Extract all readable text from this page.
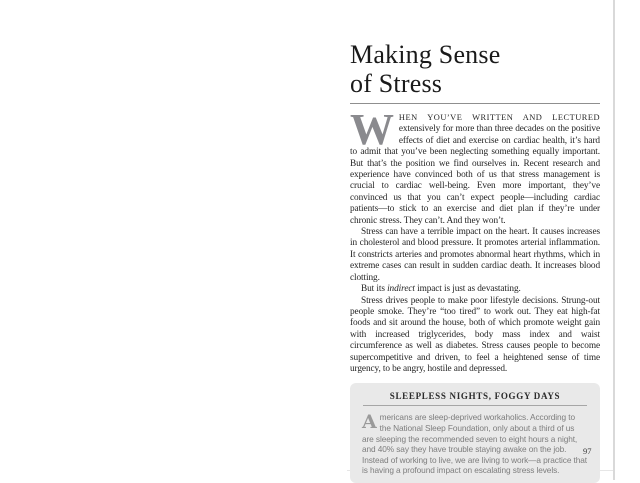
Making Sense
of Stress

WHEN YOU’VE WRITTEN AND LECTURED extensively for more than three decades on the positive effects of diet and exercise on cardiac health, it’s hard to admit that you’ve been neglecting something equally important. But that’s the position we find ourselves in. Recent research and experience have convinced both of us that stress management is crucial to cardiac well-being. Even more important, they’ve convinced us that you can’t expect people—including cardiac patients—to stick to an exercise and diet plan if they’re under chronic stress. They can’t. And they won’t.

Stress can have a terrible impact on the heart. It causes increases in cholesterol and blood pressure. It promotes arterial inflammation. It constricts arteries and promotes abnormal heart rhythms, which in extreme cases can result in sudden cardiac death. It increases blood clotting.

But its indirect impact is just as devastating.

Stress drives people to make poor lifestyle decisions. Strung-out people smoke. They’re “too tired” to work out. They eat high-fat foods and sit around the house, both of which promote weight gain with increased triglycerides, body mass index and waist circumference as well as diabetes. Stress causes people to become supercompetitive and driven, to feel a heightened sense of time urgency, to be angry, hostile and depressed.

SLEEPLESS NIGHTS, FOGGY DAYS

Americans are sleep-deprived workaholics. According to the National Sleep Foundation, only about a third of us are sleeping the recommended seven to eight hours a night, and 40% say they have trouble staying awake on the job. Instead of working to live, we are living to work—a practice that is having a profound impact on escalating stress levels.

97
